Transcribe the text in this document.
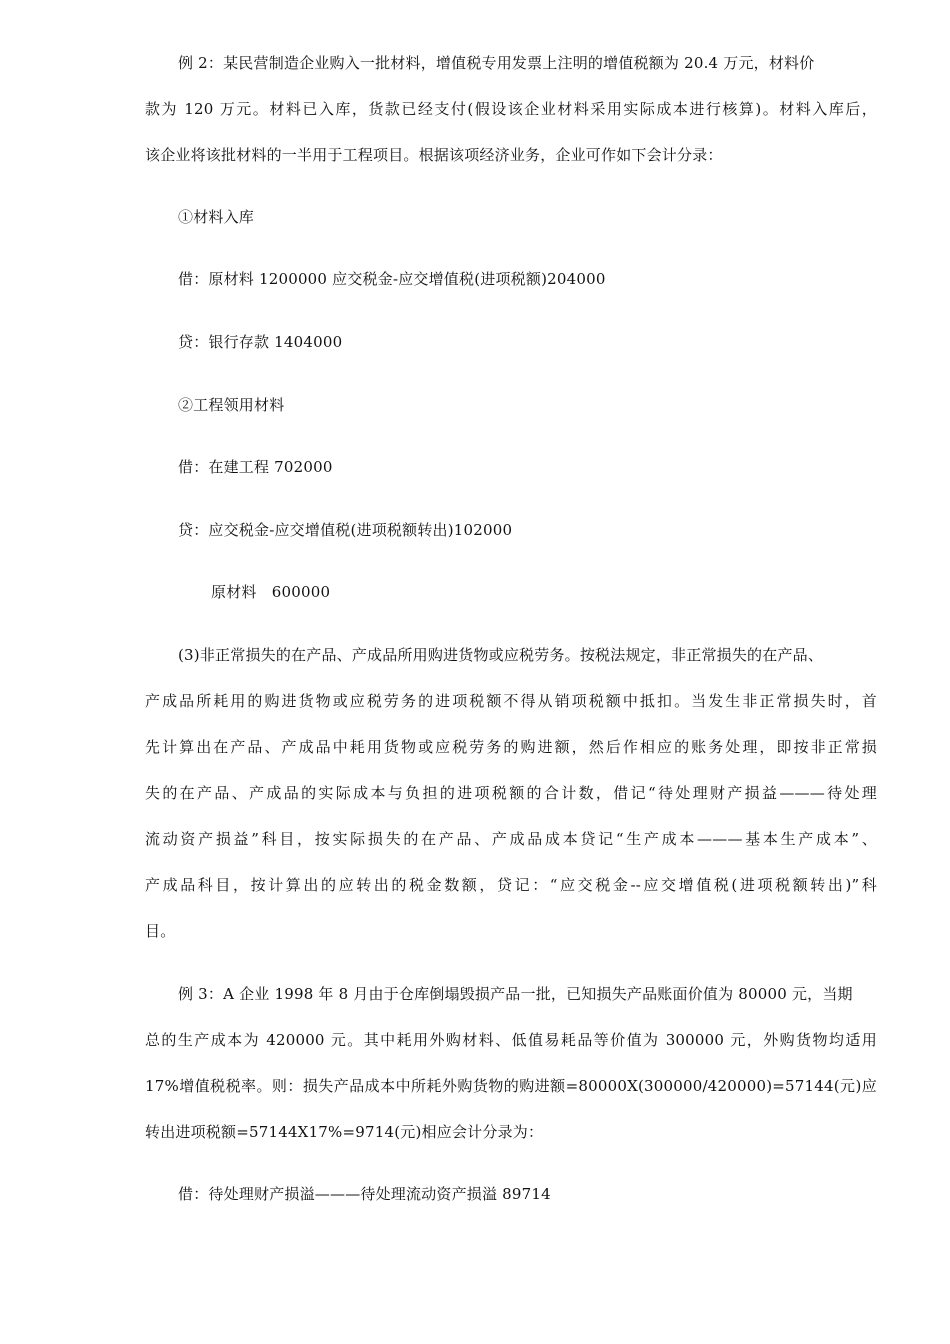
例 2：某民营制造企业购入一批材料，增值税专用发票上注明的增值税额为 20.4 万元，材料价
款为 120 万元。材料已入库，货款已经支付(假设该企业材料采用实际成本进行核算)。材料入库后，
该企业将该批材料的一半用于工程项目。根据该项经济业务，企业可作如下会计分录：
①材料入库
借：原材料 1200000 应交税金-应交增值税(进项税额)204000
贷：银行存款 1404000
②工程领用材料
借：在建工程 702000
贷：应交税金-应交增值税(进项税额转出)102000
原材料　600000
(3)非正常损失的在产品、产成品所用购进货物或应税劳务。按税法规定，非正常损失的在产品、
产成品所耗用的购进货物或应税劳务的进项税额不得从销项税额中抵扣。当发生非正常损失时，首
先计算出在产品、产成品中耗用货物或应税劳务的购进额，然后作相应的账务处理，即按非正常损
失的在产品、产成品的实际成本与负担的进项税额的合计数，借记“待处理财产损益———待处理
流动资产损益”科目，按实际损失的在产品、产成品成本贷记“生产成本———基本生产成本”、
产成品科目，按计算出的应转出的税金数额，贷记：“应交税金--应交增值税(进项税额转出)”科
目。
例 3：A 企业 1998 年 8 月由于仓库倒塌毁损产品一批，已知损失产品账面价值为 80000 元，当期
总的生产成本为 420000 元。其中耗用外购材料、低值易耗品等价值为 300000 元，外购货物均适用
17%增值税税率。则：损失产品成本中所耗外购货物的购进额=80000X(300000/420000)=57144(元)应
转出进项税额=57144X17%=9714(元)相应会计分录为：
借：待处理财产损溢———待处理流动资产损溢 89714
